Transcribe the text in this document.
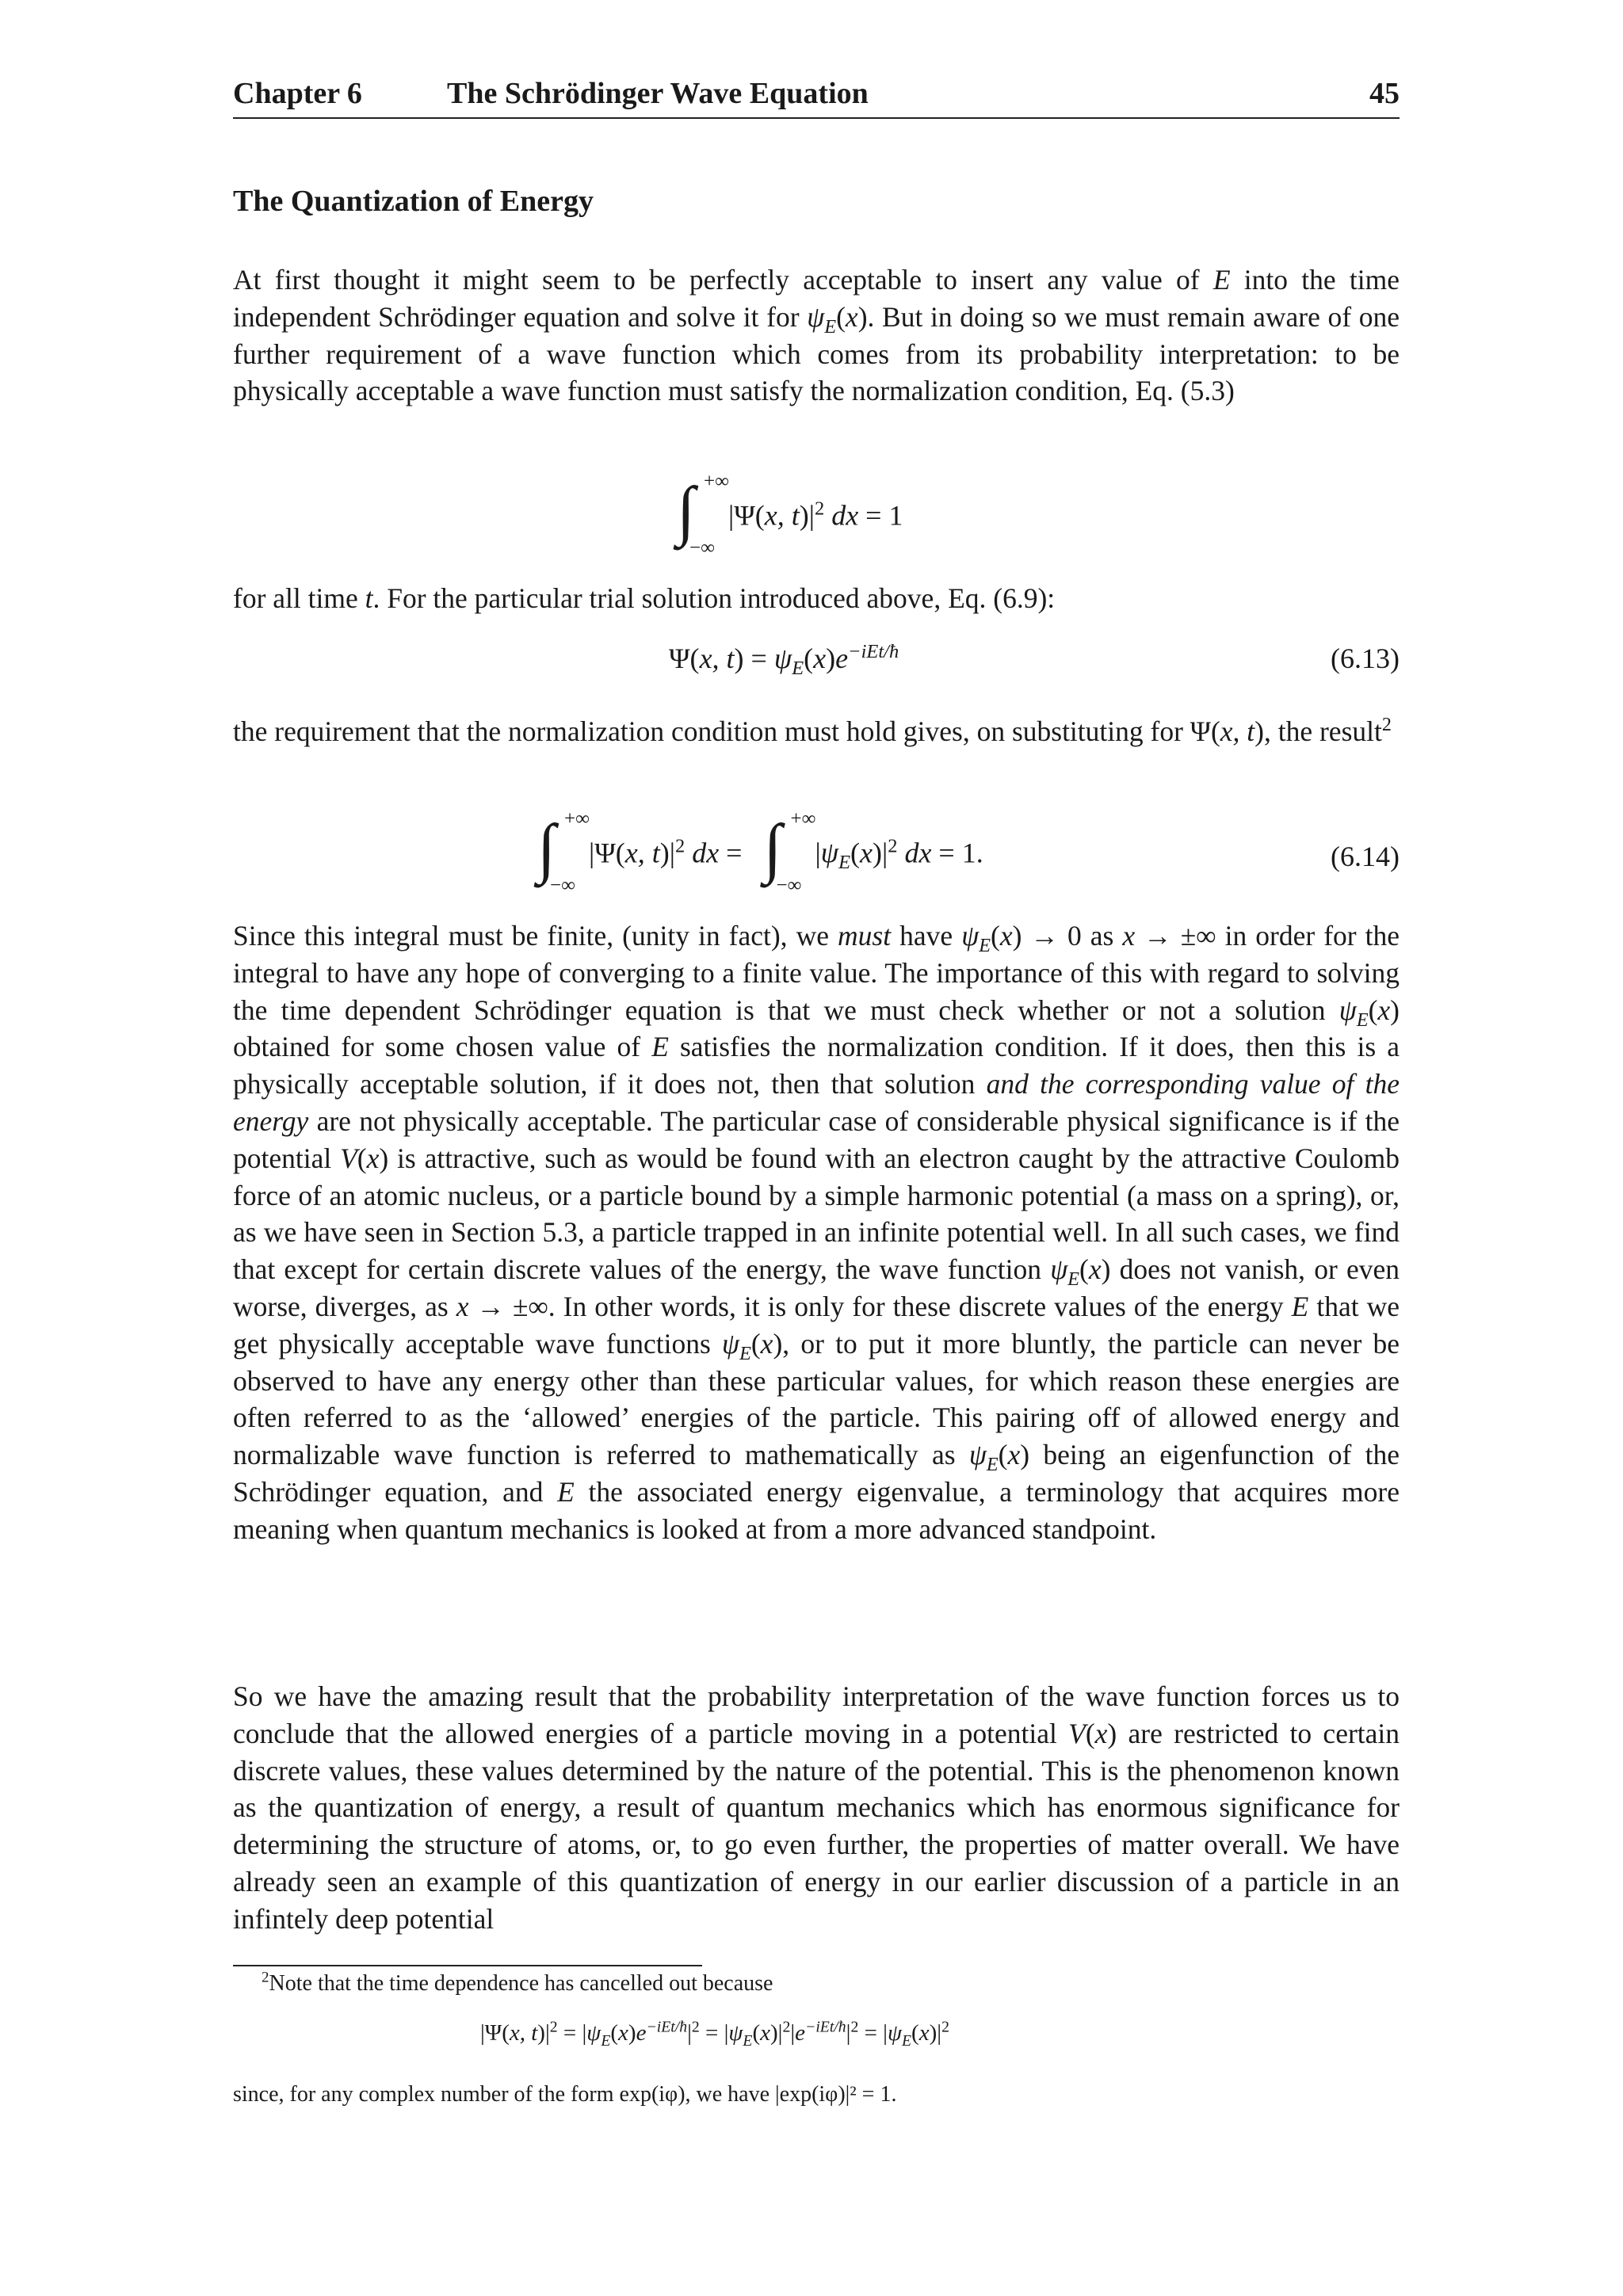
Chapter 6	The Schrödinger Wave Equation	45
The Quantization of Energy
At first thought it might seem to be perfectly acceptable to insert any value of E into the time independent Schrödinger equation and solve it for $\psi_E(x)$. But in doing so we must remain aware of one further requirement of a wave function which comes from its probability interpretation: to be physically acceptable a wave function must satisfy the normalization condition, Eq. (5.3)
∫ +∞
−∞
|Ψ(x, $t)|^2$ dx = 1
for all time t. For the particular trial solution introduced above, Eq. (6.9):
Ψ(x, $t) = \psi_E(x)e^{-iEt/ħ}$	(6.13)
the requirement that the normalization condition must hold gives, on substituting for Ψ(x, t), the result$^2$
∫ +∞
−∞
|Ψ(x, $t)|^2$ dx = ∫ +∞
−∞
$|\psi_E(x)|^2$ dx = 1.	(6.14)
Since this integral must be finite, (unity in fact), we must have $\psi_E(x) \to 0$ as x → ±∞ in order for the integral to have any hope of converging to a finite value. The importance of this with regard to solving the time dependent Schrödinger equation is that we must check whether or not a solution $\psi_E(x)$ obtained for some chosen value of E satisfies the normalization condition. If it does, then this is a physically acceptable solution, if it does not, then that solution and the corresponding value of the energy are not physically acceptable. The particular case of considerable physical significance is if the potential V(x) is attractive, such as would be found with an electron caught by the attractive Coulomb force of an atomic nucleus, or a particle bound by a simple harmonic potential (a mass on a spring), or, as we have seen in Section 5.3, a particle trapped in an infinite potential well. In all such cases, we find that except for certain discrete values of the energy, the wave function $\psi_E(x)$ does not vanish, or even worse, diverges, as x → ±∞. In other words, it is only for these discrete values of the energy E that we get physically acceptable wave functions $\psi_E(x)$, or to put it more bluntly, the particle can never be observed to have any energy other than these particular values, for which reason these energies are often referred to as the ‘allowed’ energies of the particle. This pairing off of allowed energy and normalizable wave function is referred to mathematically as $\psi_E(x)$ being an eigenfunction of the Schrödinger equation, and E the associated energy eigenvalue, a terminology that acquires more meaning when quantum mechanics is looked at from a more advanced standpoint.
So we have the amazing result that the probability interpretation of the wave function forces us to conclude that the allowed energies of a particle moving in a potential V(x) are restricted to certain discrete values, these values determined by the nature of the potential. This is the phenomenon known as the quantization of energy, a result of quantum mechanics which has enormous significance for determining the structure of atoms, or, to go even further, the properties of matter overall. We have already seen an example of this quantization of energy in our earlier discussion of a particle in an infintely deep potential
$^2$Note that the time dependence has cancelled out because
|Ψ(x, $t)|^2 = |\psi_E(x)e^{-iEt/ħ}|^2 = |\psi_E(x)|^2|e^{-iEt/ħ}|^2 = |\psi_E(x)|^2$
since, for any complex number of the form exp(iφ), we have |exp(iφ)|² = 1.
